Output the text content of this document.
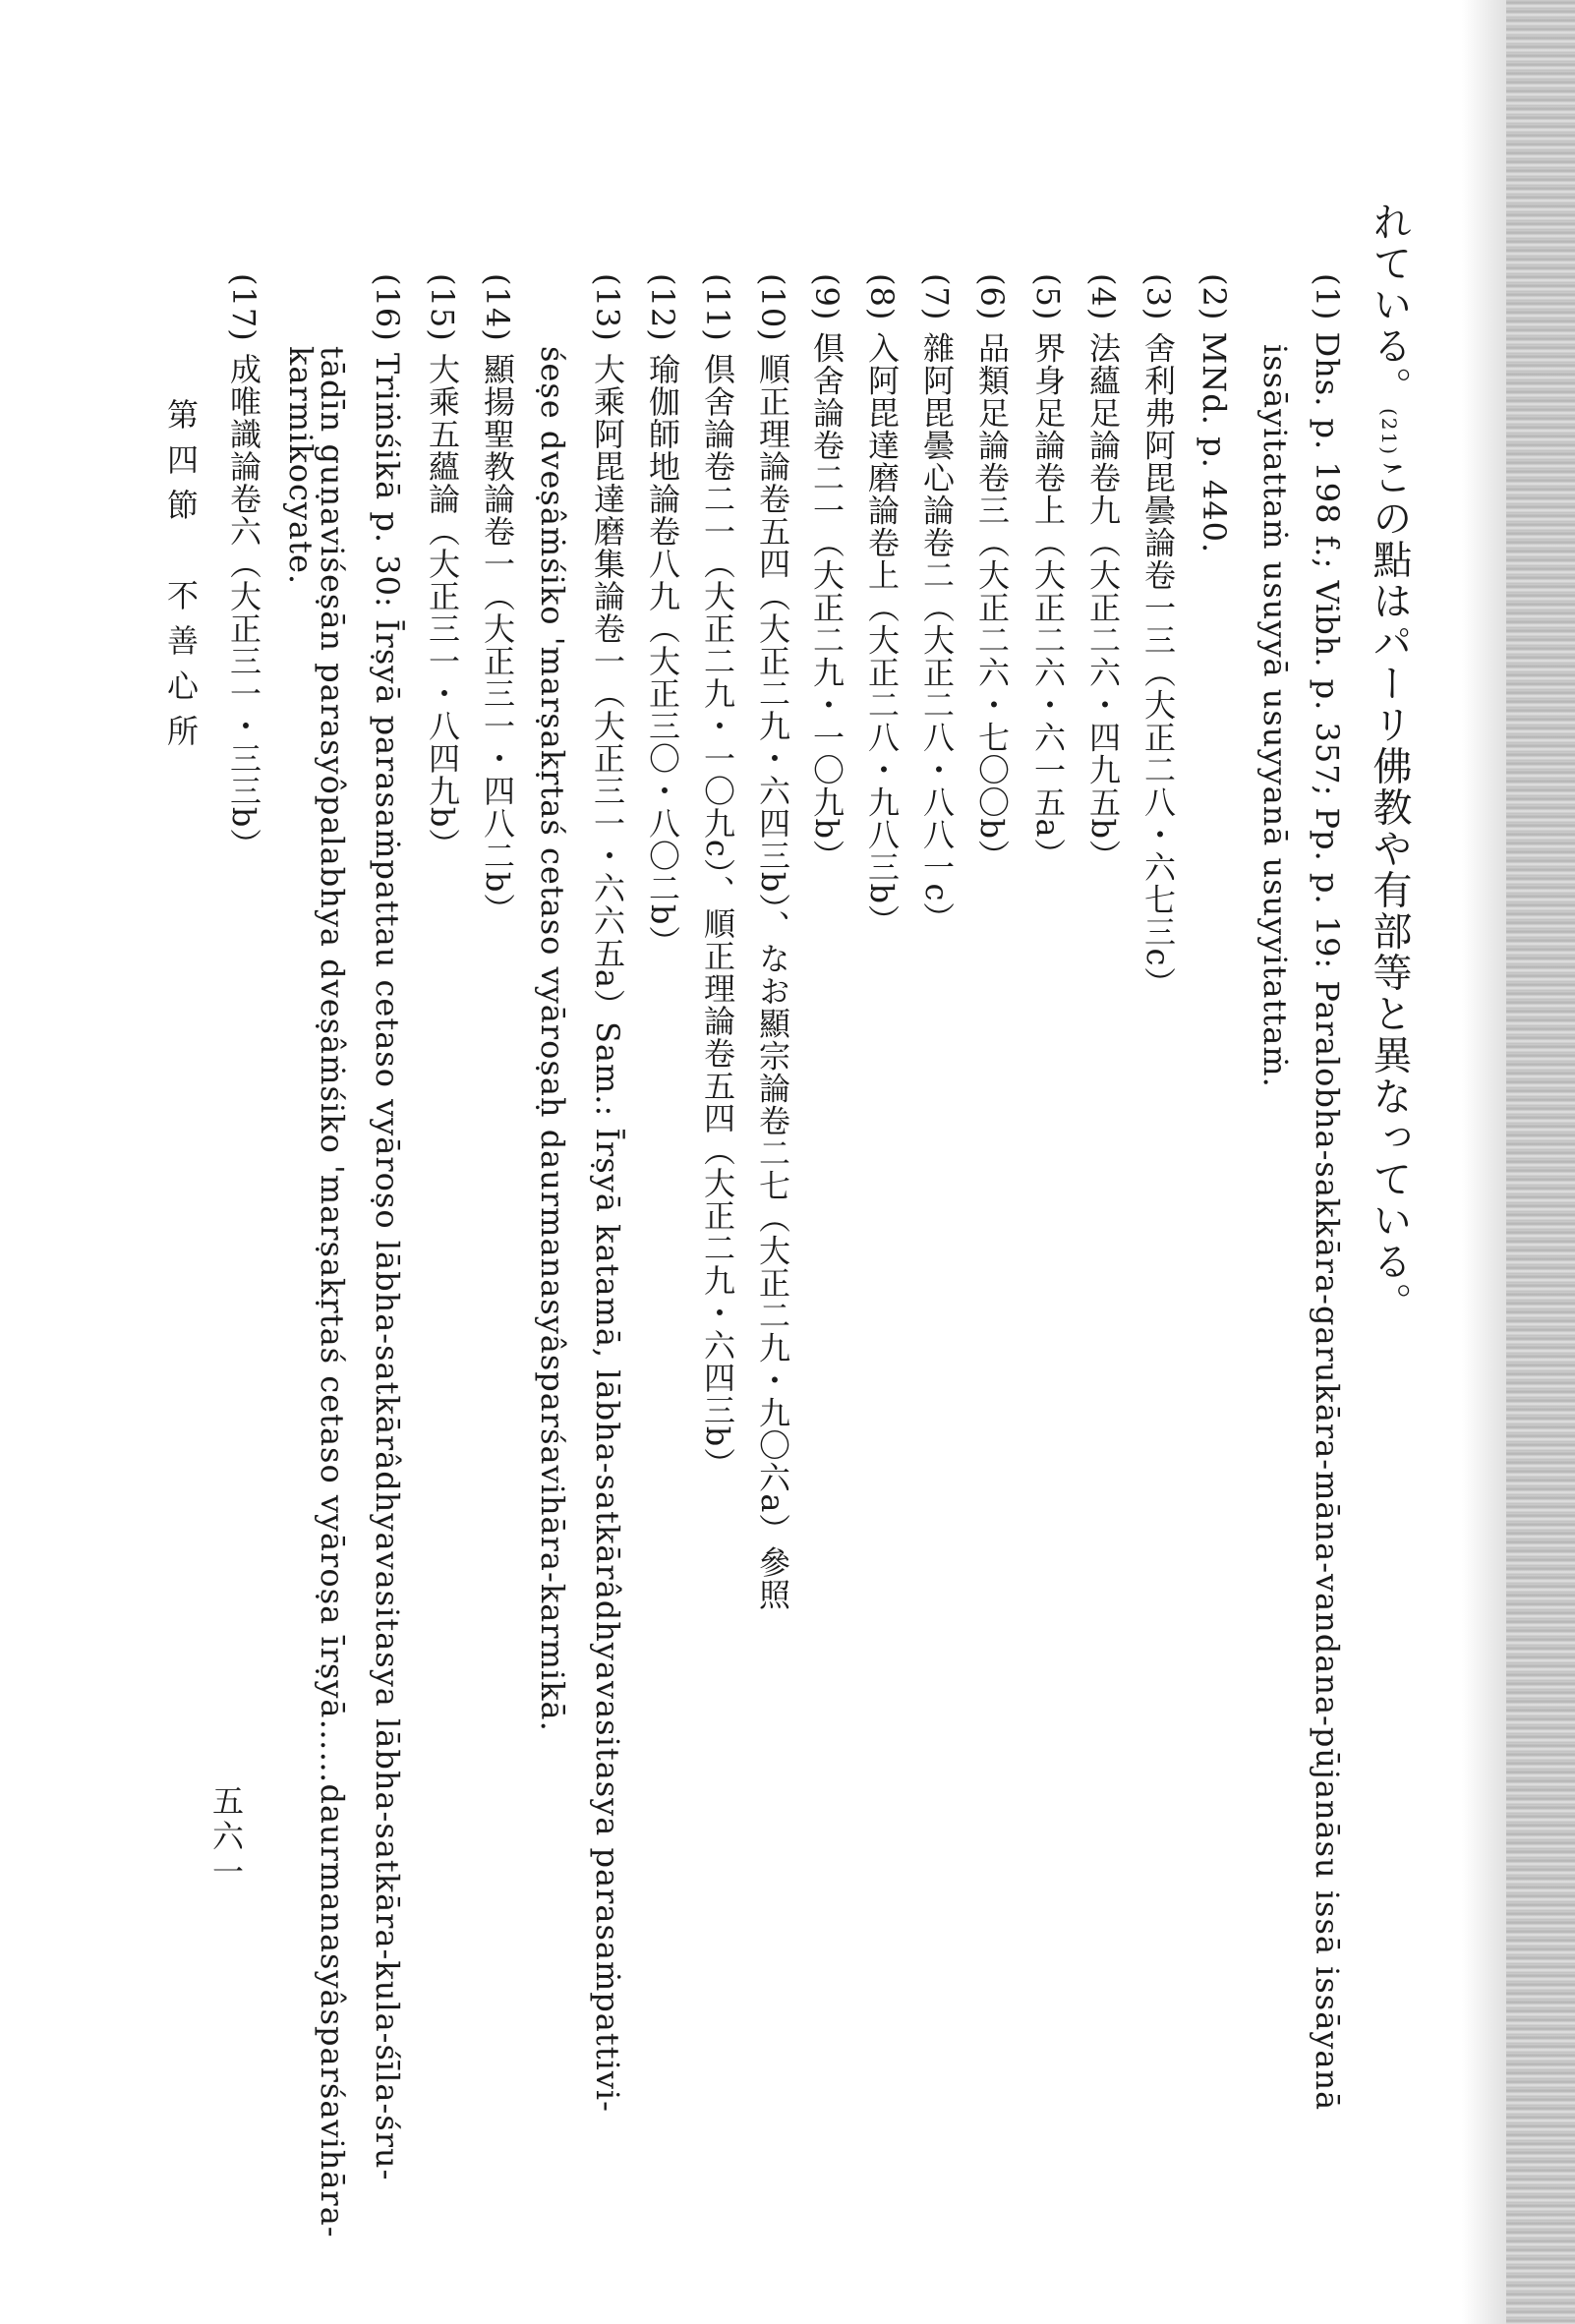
れている。(21)この點はパーリ佛教や有部等と異なっている。
(1) Dhs. p. 198 f.; Vibh. p. 357; Pp. p. 19: Paralobha-sakkāra-garukāra-māna-vandana-pūjanāsu issā issāyanā
issāyitattaṁ usuyyā usuyyanā usuyyitattaṁ.
(2) MNd. p. 440.
(3) 舍利弗阿毘曇論卷一三（大正二八・六七三c）
(4) 法蘊足論卷九（大正二六・四九五b）
(5) 界身足論卷上（大正二六・六一五a）
(6) 品類足論卷三（大正二六・七〇〇b）
(7) 雜阿毘曇心論卷二（大正二八・八八一c）
(8) 入阿毘達磨論卷上（大正二八・九八三b）
(9) 倶舍論卷二一（大正二九・一〇九b）
(10) 順正理論卷五四（大正二九・六四三b）、なお顯宗論卷二七（大正二九・九〇六a）參照
(11) 倶舍論卷二一（大正二九・一〇九c）、順正理論卷五四（大正二九・六四三b）
(12) 瑜伽師地論卷八九（大正三〇・八〇二b）
(13) 大乘阿毘達磨集論卷一（大正三一・六六五a）Sam.: Īrṣyā katamā, lābha-satkārâdhyavasitasya parasaṁpattivi-
śeṣe dveṣâṁśiko 'marṣakṛtaś cetaso vyāroṣaḥ daurmanasyâsparśavihāra-karmikā.
(14) 顯揚聖教論卷一（大正三一・四八二b）
(15) 大乘五蘊論（大正三一・八四九b）
(16) Triṁśikā p. 30: Īrṣyā parasaṁpattau cetaso vyāroṣo lābha-satkārâdhyavasitasya lābha-satkāra-kula-śīla-śru-
tādīn guṇaviśeṣān parasyôpalabhya dveṣâṁśiko 'marṣakṛtaś cetaso vyāroṣa īrṣyā……daurmanasyâsparśavihāra-
karmikocyate.
(17) 成唯識論卷六（大正三一・三三b）
第四節　不善心所
五六一
